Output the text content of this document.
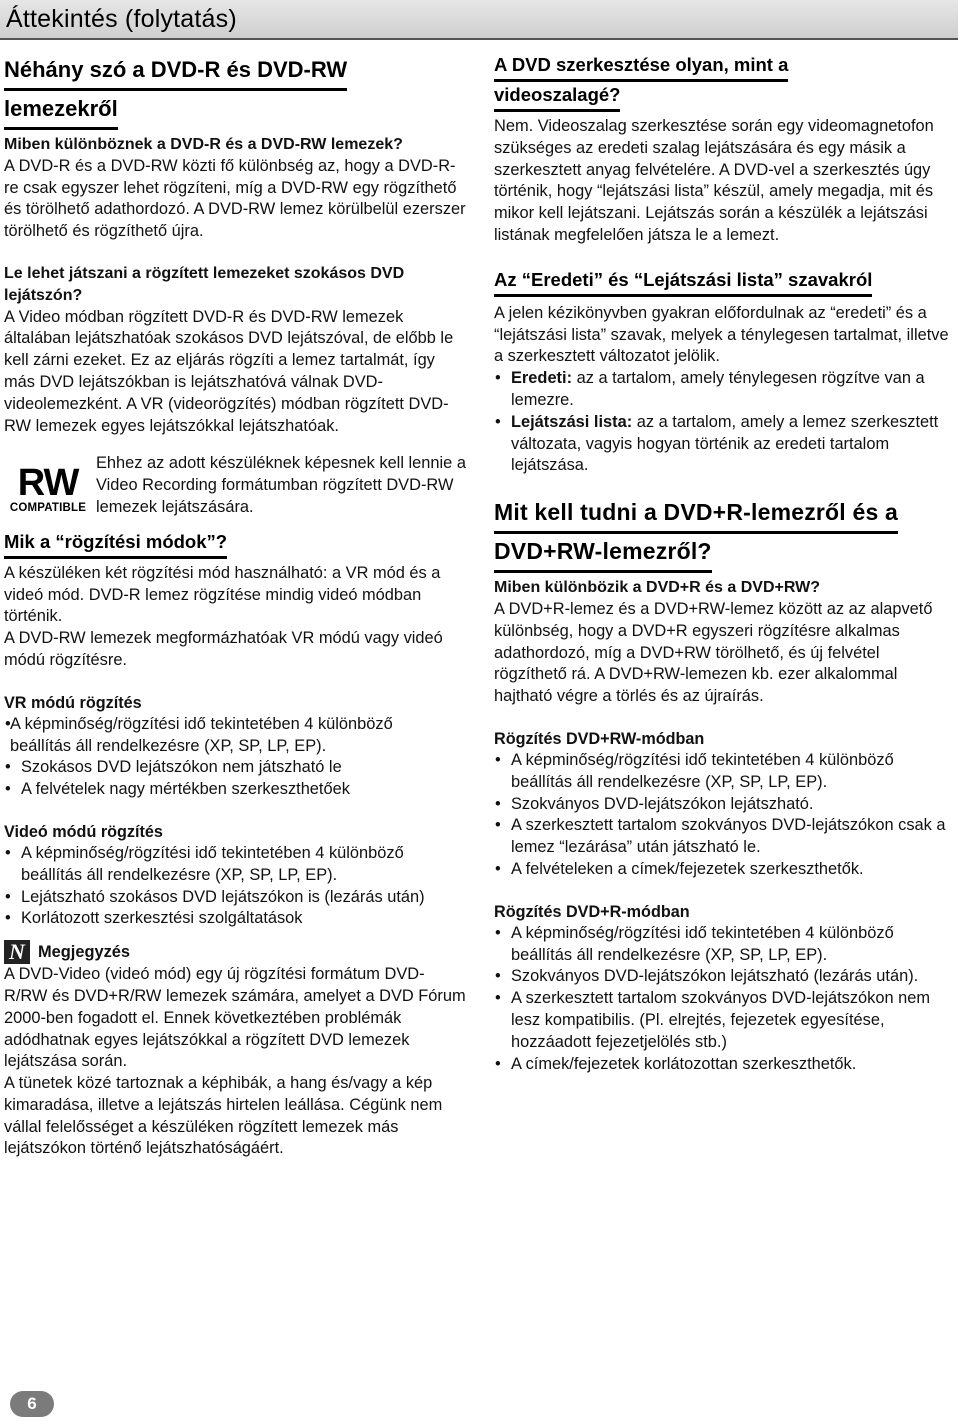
Áttekintés (folytatás)
Néhány szó a DVD-R és DVD-RW
lemezekről

Miben különböznek a DVD-R és a DVD-RW lemezek?

A DVD-R és a DVD-RW közti fő különbség az, hogy a DVD-R-re csak egyszer lehet rögzíteni, míg a DVD-RW egy rögzíthető és törölhető adathordozó. A DVD-RW lemez körülbelül ezerszer törölhető és rögzíthető újra.

Le lehet játszani a rögzített lemezeket szokásos DVD lejátszón?

A Video módban rögzített DVD-R és DVD-RW lemezek általában lejátszhatóak szokásos DVD lejátszóval, de előbb le kell zárni ezeket. Ez az eljárás rögzíti a lemez tartalmát, így más DVD lejátszókban is lejátszhatóvá válnak DVD-videolemezként. A VR (videorögzítés) módban rögzített DVD-RW lemezek egyes lejátszókkal lejátszhatóak.

RW
COMPATIBLE

Ehhez az adott készüléknek képesnek kell lennie a Video Recording formátumban rögzített DVD-RW lemezek lejátszására.

Mik a “rögzítési módok”?

A készüléken két rögzítési mód használható: a VR mód és a videó mód. DVD-R lemez rögzítése mindig videó módban történik.

A DVD-RW lemezek megformázhatóak VR módú vagy videó módú rögzítésre.

VR módú rögzítés

• A képminőség/rögzítési idő tekintetében 4 különböző
beállítás áll rendelkezésre (XP, SP, LP, EP).
• Szokásos DVD lejátszókon nem játszható le
• A felvételek nagy mértékben szerkeszthetőek

Videó módú rögzítés

• A képminőség/rögzítési idő tekintetében 4 különböző beállítás áll rendelkezésre (XP, SP, LP, EP).
• Lejátszható szokásos DVD lejátszókon is (lezárás után)
• Korlátozott szerkesztési szolgáltatások
N Megjegyzés

A DVD-Video (videó mód) egy új rögzítési formátum DVD-R/RW és DVD+R/RW lemezek számára, amelyet a DVD Fórum 2000-ben fogadott el. Ennek következtében problémák adódhatnak egyes lejátszókkal a rögzített DVD lemezek lejátszása során.

A tünetek közé tartoznak a képhibák, a hang és/vagy a kép kimaradása, illetve a lejátszás hirtelen leállása. Cégünk nem vállal felelősséget a készüléken rögzített lemezek más lejátszókon történő lejátszhatóságáért.

A DVD szerkesztése olyan, mint a
videoszalagé?

Nem. Videoszalag szerkesztése során egy videomagnetofon szükséges az eredeti szalag lejátszására és egy másik a szerkesztett anyag felvételére. A DVD-vel a szerkesztés úgy történik, hogy “lejátszási lista” készül, amely megadja, mit és mikor kell lejátszani. Lejátszás során a készülék a lejátszási listának megfelelően játsza le a lemezt.

Az “Eredeti” és “Lejátszási lista” szavakról

A jelen kézikönyvben gyakran előfordulnak az “eredeti” és a “lejátszási lista” szavak, melyek a ténylegesen tartalmat, illetve a szerkesztett változatot jelölik.

• Eredeti: az a tartalom, amely ténylegesen rögzítve van a lemezre.
• Lejátszási lista: az a tartalom, amely a lemez szerkesztett változata, vagyis hogyan történik az eredeti tartalom lejátszása.
Mit kell tudni a DVD+R-lemezről és a
DVD+RW-lemezről?

Miben különbözik a DVD+R és a DVD+RW?

A DVD+R-lemez és a DVD+RW-lemez között az az alapvető különbség, hogy a DVD+R egyszeri rögzítésre alkalmas adathordozó, míg a DVD+RW törölhető, és új felvétel rögzíthető rá. A DVD+RW-lemezen kb. ezer alkalommal hajtható végre a törlés és az újraírás.

Rögzítés DVD+RW-módban

• A képminőség/rögzítési idő tekintetében 4 különböző beállítás áll rendelkezésre (XP, SP, LP, EP).
• Szokványos DVD-lejátszókon lejátszható.
• A szerkesztett tartalom szokványos DVD-lejátszókon csak a lemez “lezárása” után játszható le.
• A felvételeken a címek/fejezetek szerkeszthetők.

Rögzítés DVD+R-módban

• A képminőség/rögzítési idő tekintetében 4 különböző beállítás áll rendelkezésre (XP, SP, LP, EP).
• Szokványos DVD-lejátszókon lejátszható (lezárás után).
• A szerkesztett tartalom szokványos DVD-lejátszókon nem lesz kompatibilis. (Pl. elrejtés, fejezetek egyesítése, hozzáadott fejezetjelölés stb.)
• A címek/fejezetek korlátozottan szerkeszthetők.
6
